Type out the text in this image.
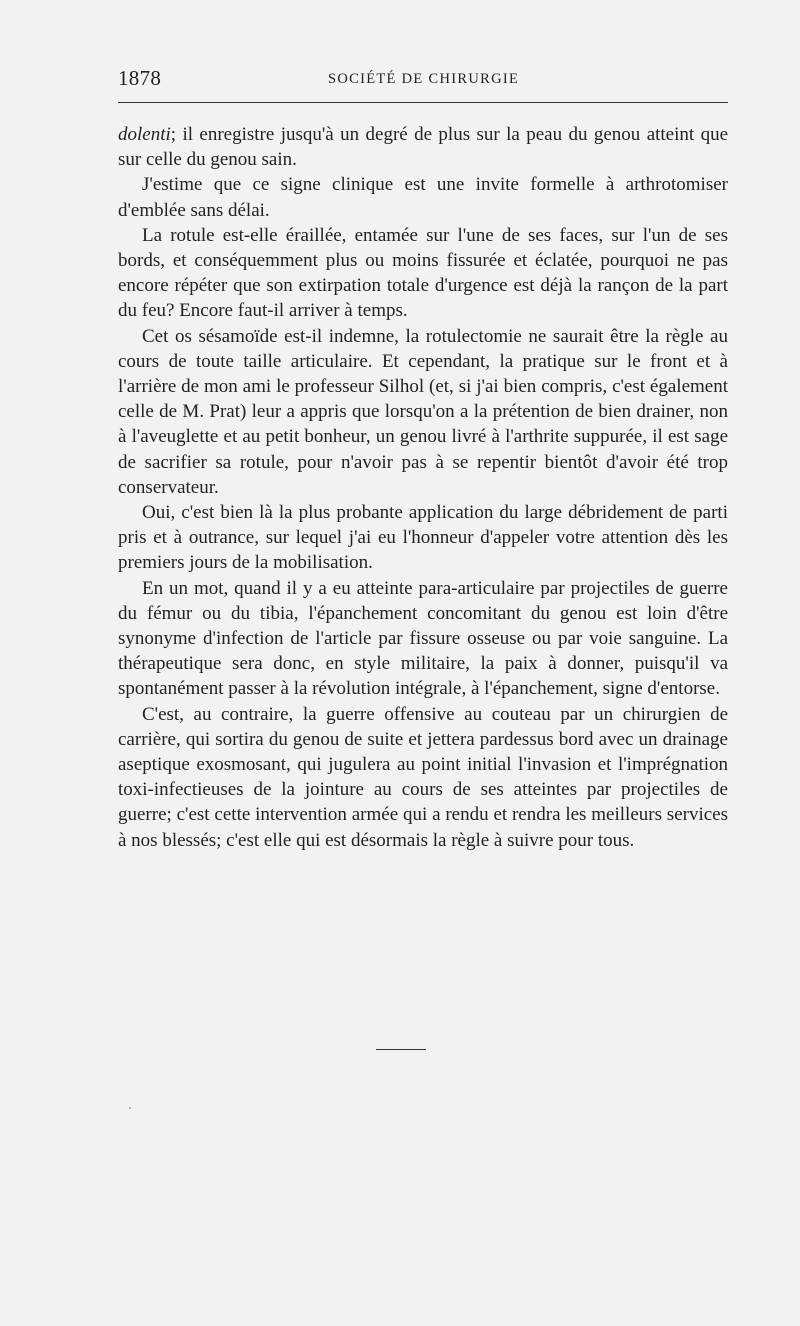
1878	SOCIÉTÉ DE CHIRURGIE

dolenti; il enregistre jusqu'à un degré de plus sur la peau du genou atteint que sur celle du genou sain.

J'estime que ce signe clinique est une invite formelle à arthrotomiser d'emblée sans délai.

La rotule est-elle éraillée, entamée sur l'une de ses faces, sur l'un de ses bords, et conséquemment plus ou moins fissurée et éclatée, pourquoi ne pas encore répéter que son extirpation totale d'urgence est déjà la rançon de la part du feu? Encore faut-il arriver à temps.

Cet os sésamoïde est-il indemne, la rotulectomie ne saurait être la règle au cours de toute taille articulaire. Et cependant, la pratique sur le front et à l'arrière de mon ami le professeur Silhol (et, si j'ai bien compris, c'est également celle de M. Prat) leur a appris que lorsqu'on a la prétention de bien drainer, non à l'aveuglette et au petit bonheur, un genou livré à l'arthrite suppurée, il est sage de sacrifier sa rotule, pour n'avoir pas à se repentir bientôt d'avoir été trop conservateur.

Oui, c'est bien là la plus probante application du large débridement de parti pris et à outrance, sur lequel j'ai eu l'honneur d'appeler votre attention dès les premiers jours de la mobilisation.

En un mot, quand il y a eu atteinte para-articulaire par projectiles de guerre du fémur ou du tibia, l'épanchement concomitant du genou est loin d'être synonyme d'infection de l'article par fissure osseuse ou par voie sanguine. La thérapeutique sera donc, en style militaire, la paix à donner, puisqu'il va spontanément passer à la révolution intégrale, à l'épanchement, signe d'entorse.

C'est, au contraire, la guerre offensive au couteau par un chirurgien de carrière, qui sortira du genou de suite et jettera pardessus bord avec un drainage aseptique exosmosant, qui jugulera au point initial l'invasion et l'imprégnation toxi-infectieuses de la jointure au cours de ses atteintes par projectiles de guerre; c'est cette intervention armée qui a rendu et rendra les meilleurs services à nos blessés; c'est elle qui est désormais la règle à suivre pour tous.
